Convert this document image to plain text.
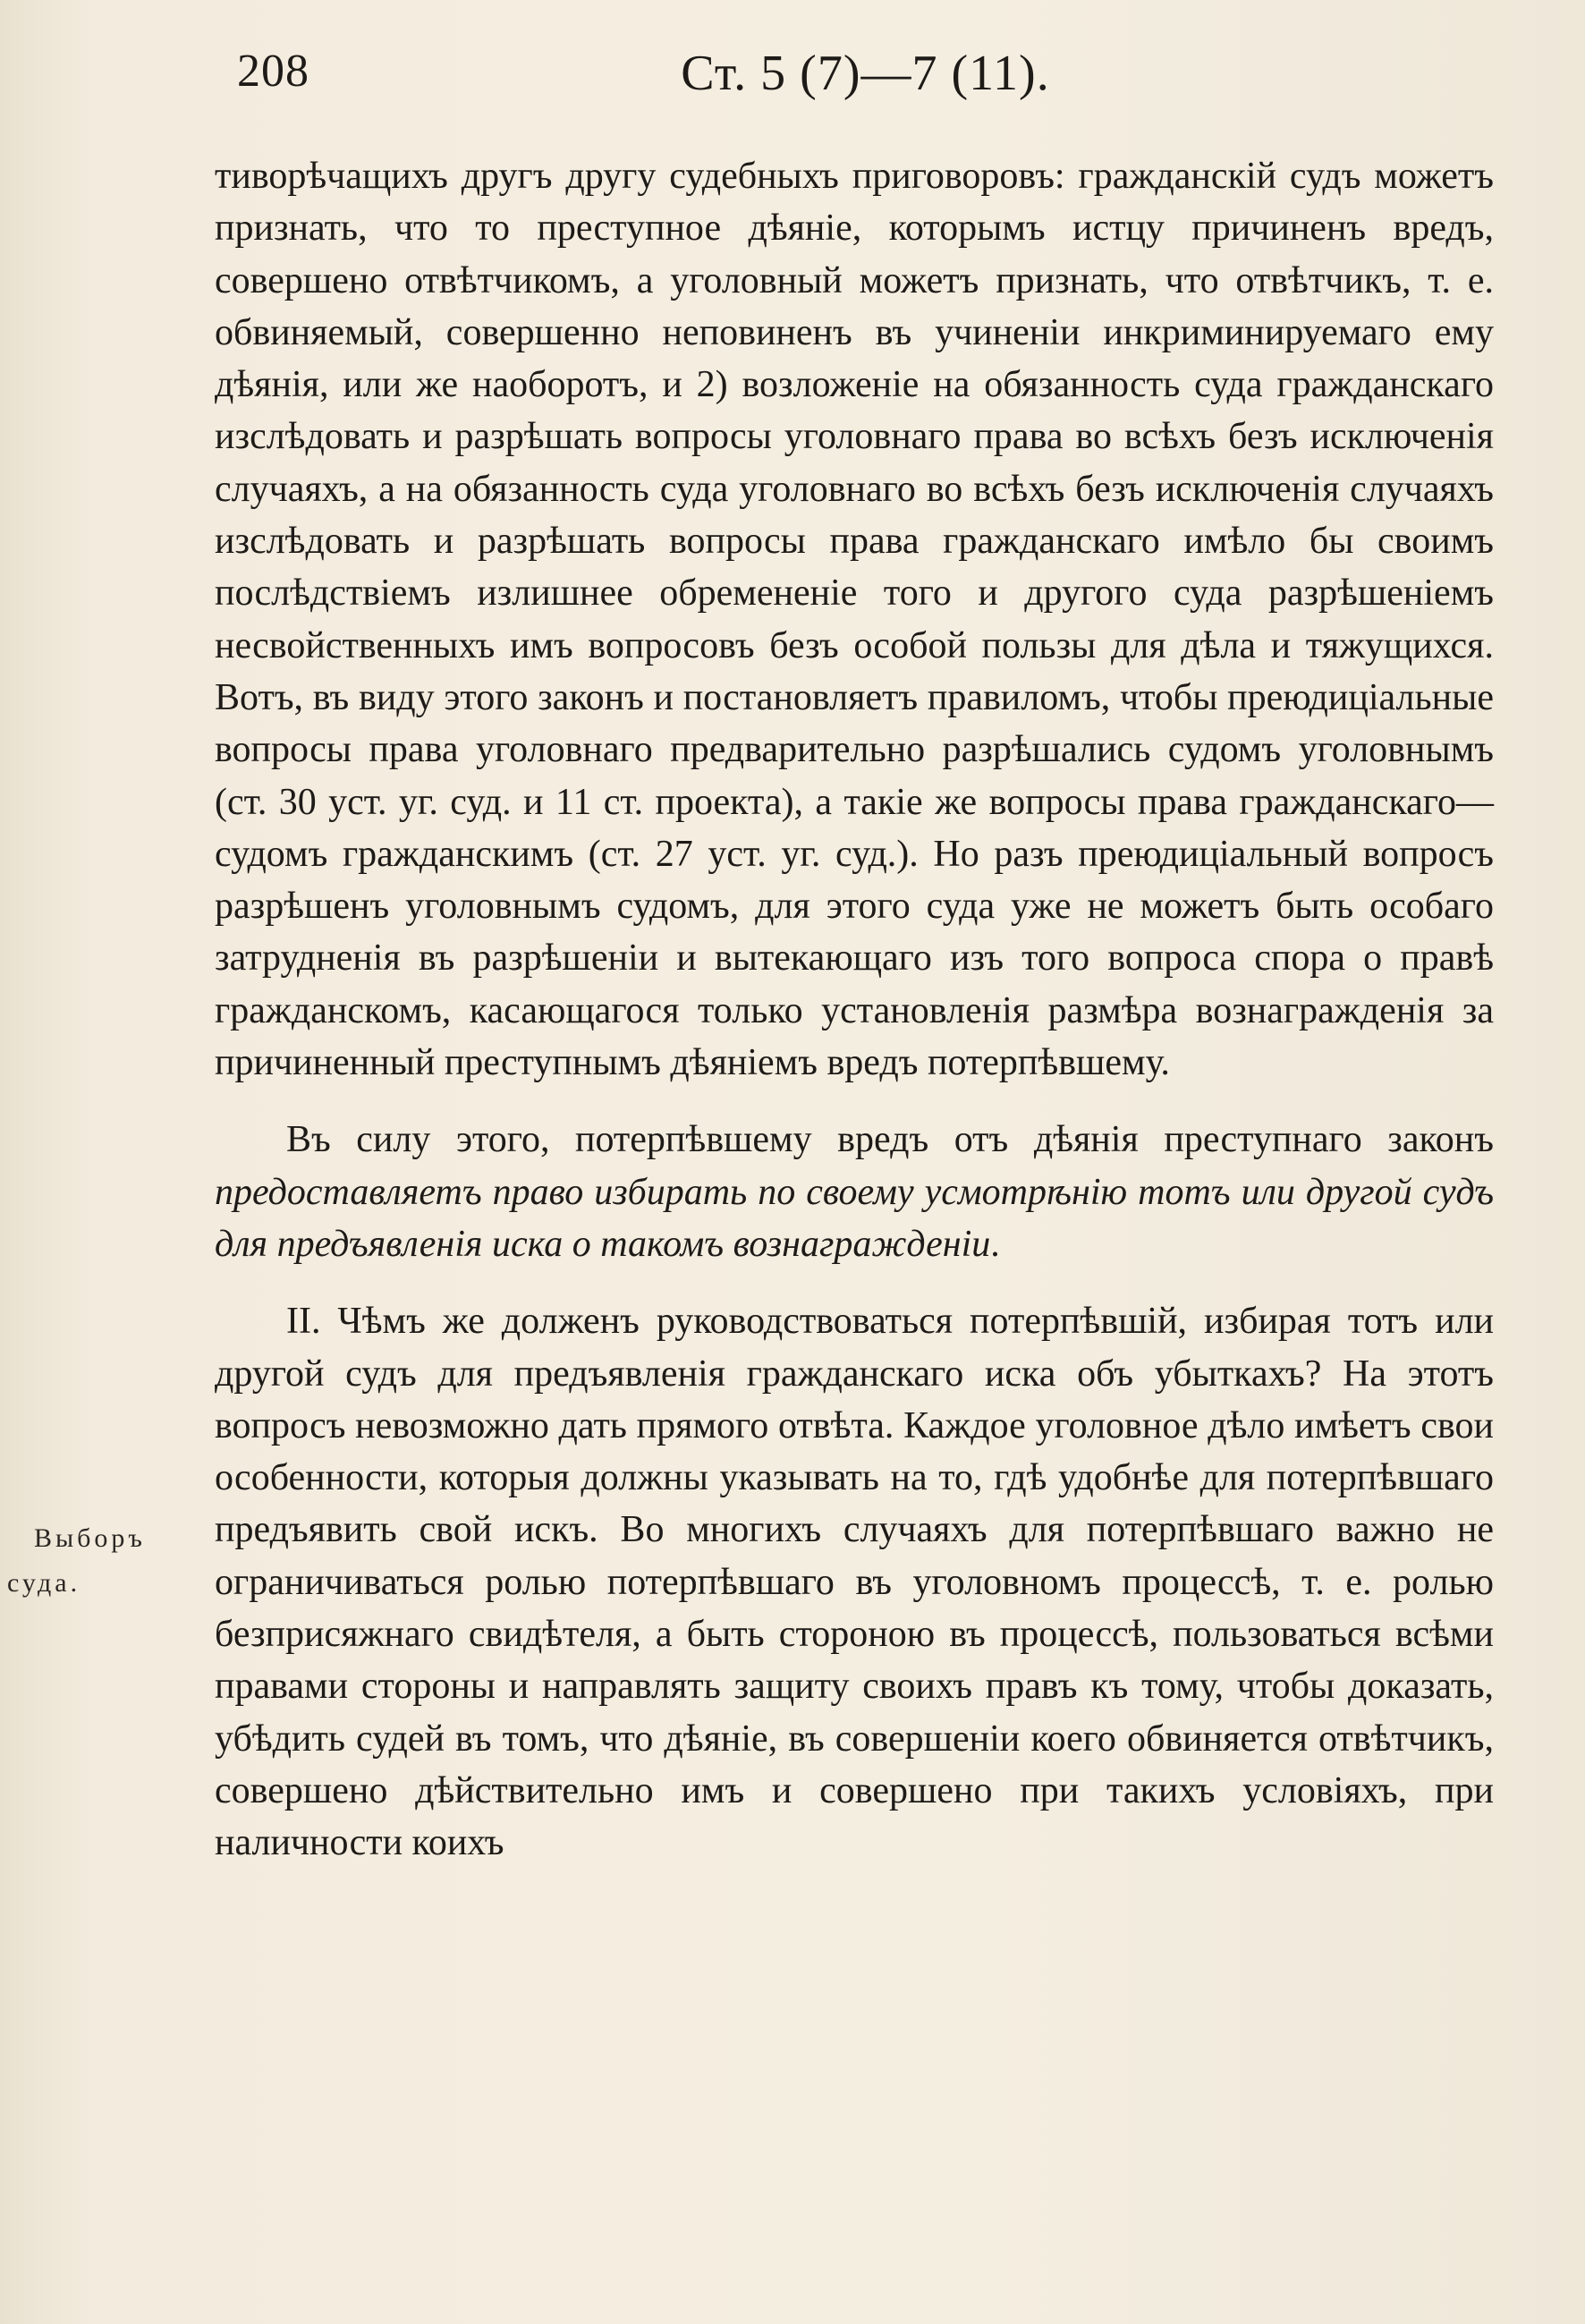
208	Ст. 5 (7)—7 (11).
Выборъ
суда.

тиворѣчащихъ другъ другу судебныхъ приговоровъ: гражданскій судъ можетъ признать, что то преступное дѣяніе, которымъ истцу причиненъ вредъ, совершено отвѣтчикомъ, а уголовный можетъ признать, что отвѣтчикъ, т. е. обвиняемый, совершенно неповиненъ въ учиненіи инкриминируемаго ему дѣянія, или же наоборотъ, и 2) возложеніе на обязанность суда гражданскаго изслѣдовать и разрѣшать вопросы уголовнаго права во всѣхъ безъ исключенія случаяхъ, а на обязанность суда уголовнаго во всѣхъ безъ исключенія случаяхъ изслѣдовать и разрѣшать вопросы права гражданскаго имѣло бы своимъ послѣдствіемъ излишнее обремененіе того и другого суда разрѣшеніемъ несвойственныхъ имъ вопросовъ безъ особой пользы для дѣла и тяжущихся. Вотъ, въ виду этого законъ и постановляетъ правиломъ, чтобы преюдиціальные вопросы права уголовнаго предварительно разрѣшались судомъ уголовнымъ (ст. 30 уст. уг. суд. и 11 ст. проекта), а такіе же вопросы права гражданскаго—судомъ гражданскимъ (ст. 27 уст. уг. суд.). Но разъ преюдиціальный вопросъ разрѣшенъ уголовнымъ судомъ, для этого суда уже не можетъ быть особаго затрудненія въ разрѣшеніи и вытекающаго изъ того вопроса спора о правѣ гражданскомъ, касающагося только установленія размѣра вознагражденія за причиненный преступнымъ дѣяніемъ вредъ потерпѣвшему.

Въ силу этого, потерпѣвшему вредъ отъ дѣянія преступнаго законъ предоставляетъ право избирать по своему усмотрѣнію тотъ или другой судъ для предъявленія иска о такомъ вознагражденіи.

II. Чѣмъ же долженъ руководствоваться потерпѣвшій, избирая тотъ или другой судъ для предъявленія гражданскаго иска объ убыткахъ? На этотъ вопросъ невозможно дать прямого отвѣта. Каждое уголовное дѣло имѣетъ свои особенности, которыя должны указывать на то, гдѣ удобнѣе для потерпѣвшаго предъявить свой искъ. Во многихъ случаяхъ для потерпѣвшаго важно не ограничиваться ролью потерпѣвшаго въ уголовномъ процессѣ, т. е. ролью безприсяжнаго свидѣтеля, а быть стороною въ процессѣ, пользоваться всѣми правами стороны и направлять защиту своихъ правъ къ тому, чтобы доказать, убѣдить судей въ томъ, что дѣяніе, въ совершеніи коего обвиняется отвѣтчикъ, совершено дѣйствительно имъ и совершено при такихъ условіяхъ, при наличности коихъ
